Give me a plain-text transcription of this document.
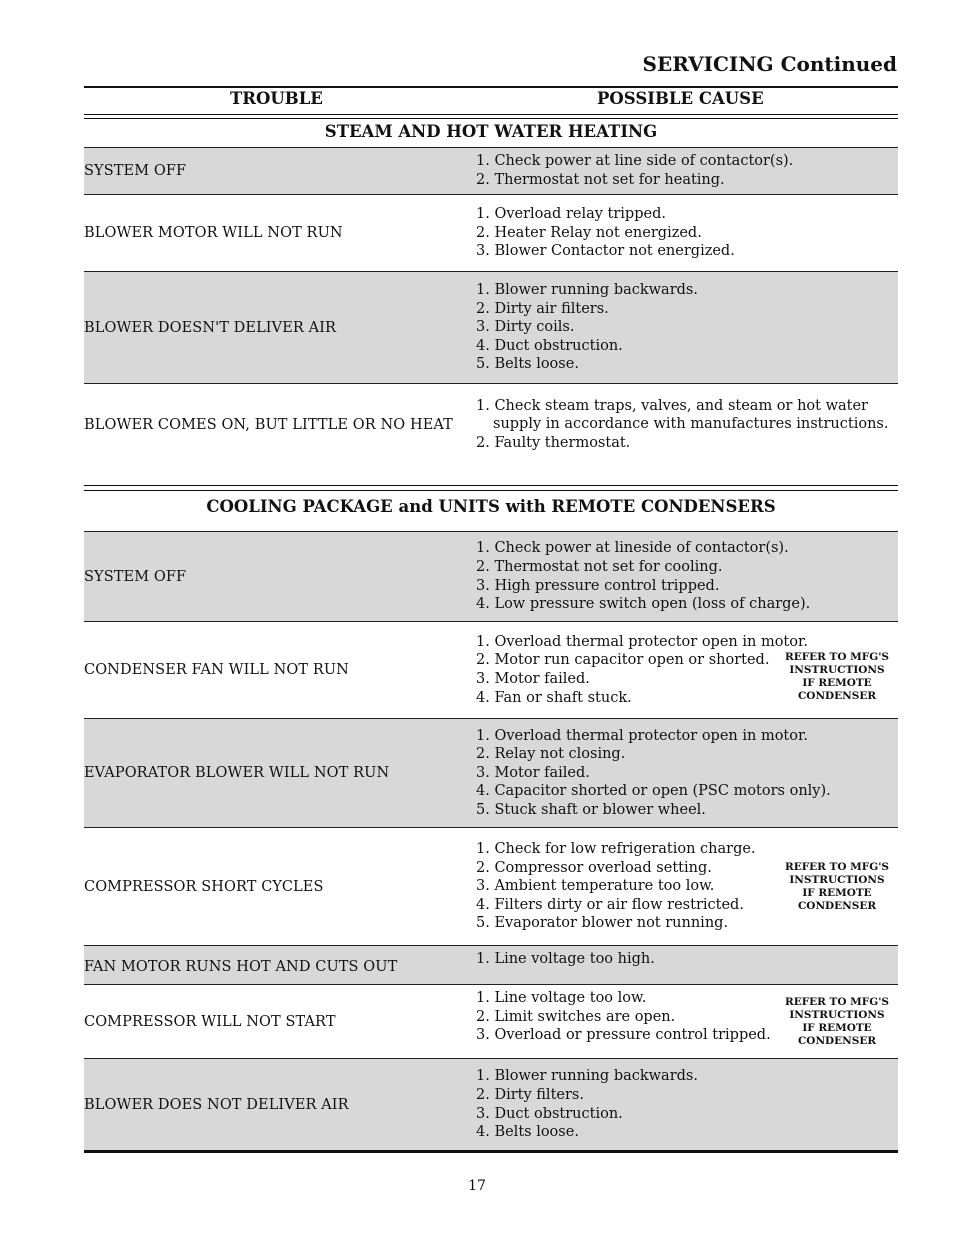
SERVICING Continued
TROUBLE	POSSIBLE CAUSE
STEAM AND HOT WATER HEATING
SYSTEM OFF
1. Check power at line side of contactor(s).
2. Thermostat not set for heating.
BLOWER MOTOR WILL NOT RUN
1. Overload relay tripped.
2. Heater Relay not energized.
3. Blower Contactor not energized.
BLOWER DOESN'T DELIVER AIR
1. Blower running backwards.
2. Dirty air filters.
3. Dirty coils.
4. Duct obstruction.
5. Belts loose.
BLOWER COMES ON, BUT LITTLE OR NO HEAT
1. Check steam traps, valves, and steam or hot water
supply in accordance with manufactures instructions.
2. Faulty thermostat.
COOLING PACKAGE and UNITS with REMOTE CONDENSERS
SYSTEM OFF
1. Check power at lineside of contactor(s).
2. Thermostat not set for cooling.
3. High pressure control tripped.
4. Low pressure switch open (loss of charge).
CONDENSER FAN WILL NOT RUN
1. Overload thermal protector open in motor.
2. Motor run capacitor open or shorted.
3. Motor failed.
4. Fan or shaft stuck.
REFER TO MFG'S
INSTRUCTIONS
IF REMOTE
CONDENSER
EVAPORATOR BLOWER WILL NOT RUN
1. Overload thermal protector open in motor.
2. Relay not closing.
3. Motor failed.
4. Capacitor shorted or open (PSC motors only).
5. Stuck shaft or blower wheel.
COMPRESSOR SHORT CYCLES
1. Check for low refrigeration charge.
2. Compressor overload setting.
3. Ambient temperature too low.
4. Filters dirty or air flow restricted.
5. Evaporator blower not running.
REFER TO MFG'S
INSTRUCTIONS
IF REMOTE
CONDENSER
FAN MOTOR RUNS HOT AND CUTS OUT	1. Line voltage too high.
COMPRESSOR WILL NOT START
1. Line voltage too low.
2. Limit switches are open.
3. Overload or pressure control tripped.
REFER TO MFG'S
INSTRUCTIONS
IF REMOTE
CONDENSER
BLOWER DOES NOT DELIVER AIR
1. Blower running backwards.
2. Dirty filters.
3. Duct obstruction.
4. Belts loose.
17
